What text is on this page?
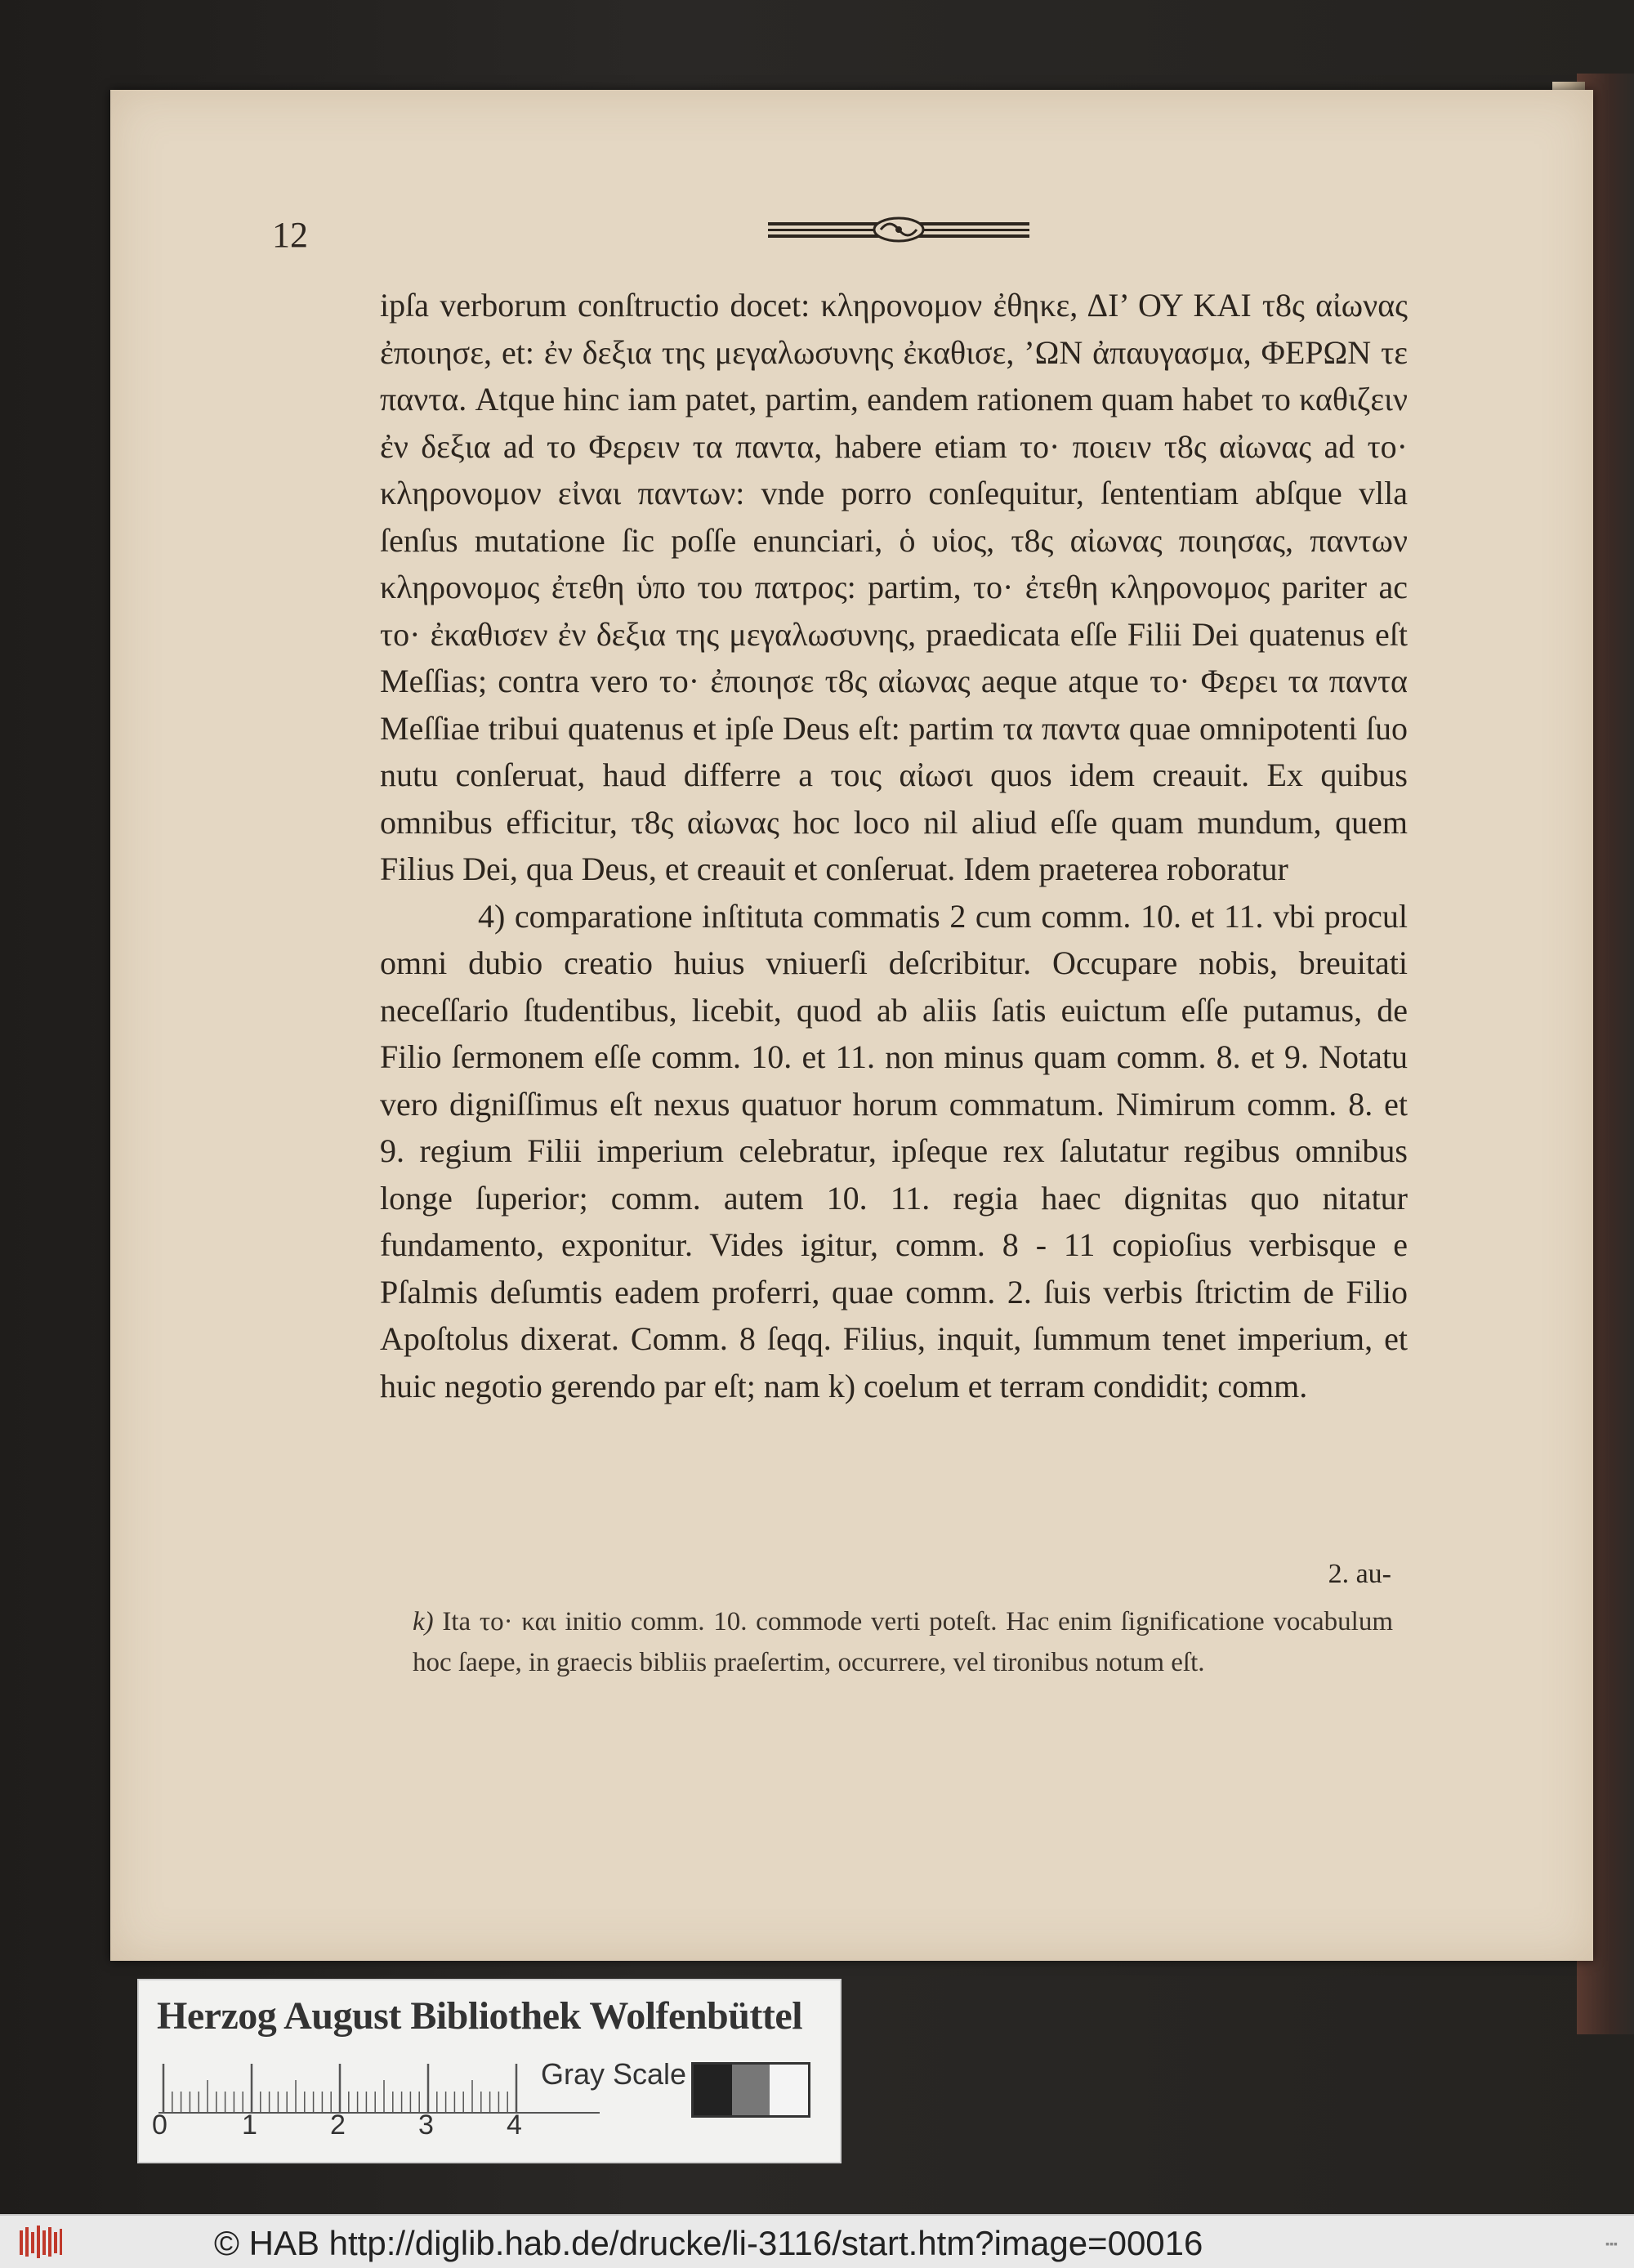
12

ipſa verborum conſtructio docet: κληρονομον ἐθηκε, ΔΙ’ ΟΥ ΚΑΙ τ8ς αἰωνας ἐποιησε, et: ἐν δεξια της μεγαλωσυνης ἐκαθισε, ’ΩΝ ἀπαυγασμα, ΦΕΡΩΝ τε παντα. Atque hinc iam patet, partim, eandem rationem quam habet το καθιζειν ἐν δεξια ad το Φερειν τα παντα, habere etiam το· ποιειν τ8ς αἰωνας ad το· κληρονομον εἰναι παντων: vnde porro conſequitur, ſententiam abſque vlla ſenſus mutatione ſic poſſe enunciari, ὁ υἱος, τ8ς αἰωνας ποιησας, παντων κληρονομος ἐτεθη ὑπο του πατρος: partim, το· ἐτεθη κληρονομος pariter ac το· ἐκαθισεν ἐν δεξια της μεγαλωσυνης, praedicata eſſe Filii Dei quatenus eſt Meſſias; contra vero το· ἐποιησε τ8ς αἰωνας aeque atque το· Φερει τα παντα Meſſiae tribui quatenus et ipſe Deus eſt: partim τα παντα quae omnipotenti ſuo nutu conſeruat, haud differre a τοις αἰωσι quos idem creauit. Ex quibus omnibus efficitur, τ8ς αἰωνας hoc loco nil aliud eſſe quam mundum, quem Filius Dei, qua Deus, et creauit et conſeruat. Idem praeterea roboratur

4) comparatione inſtituta commatis 2 cum comm. 10. et 11. vbi procul omni dubio creatio huius vniuerſi deſcribitur. Occupare nobis, breuitati neceſſario ſtudentibus, licebit, quod ab aliis ſatis euictum eſſe putamus, de Filio ſermonem eſſe comm. 10. et 11. non minus quam comm. 8. et 9. Notatu vero digniſſimus eſt nexus quatuor horum commatum. Nimirum comm. 8. et 9. regium Filii imperium celebratur, ipſeque rex ſalutatur regibus omnibus longe ſuperior; comm. autem 10. 11. regia haec dignitas quo nitatur fundamento, exponitur. Vides igitur, comm. 8 - 11 copioſius verbisque e Pſalmis deſumtis eadem proferri, quae comm. 2. ſuis verbis ſtrictim de Filio Apoſtolus dixerat. Comm. 8 ſeqq. Filius, inquit, ſummum tenet imperium, et huic negotio gerendo par eſt; nam k) coelum et terram condidit; comm.

2. au-
k) Ita το· και initio comm. 10. commode verti poteſt. Hac enim ſignificatione vocabulum hoc ſaepe, in graecis bibliis praeſertim, occurrere, vel tironibus notum eſt.
Herzog August Bibliothek Wolfenbüttel
0	1	2	3	4
Gray Scale
© HAB http://diglib.hab.de/drucke/li-3116/start.htm?image=00016	▪▪▪
